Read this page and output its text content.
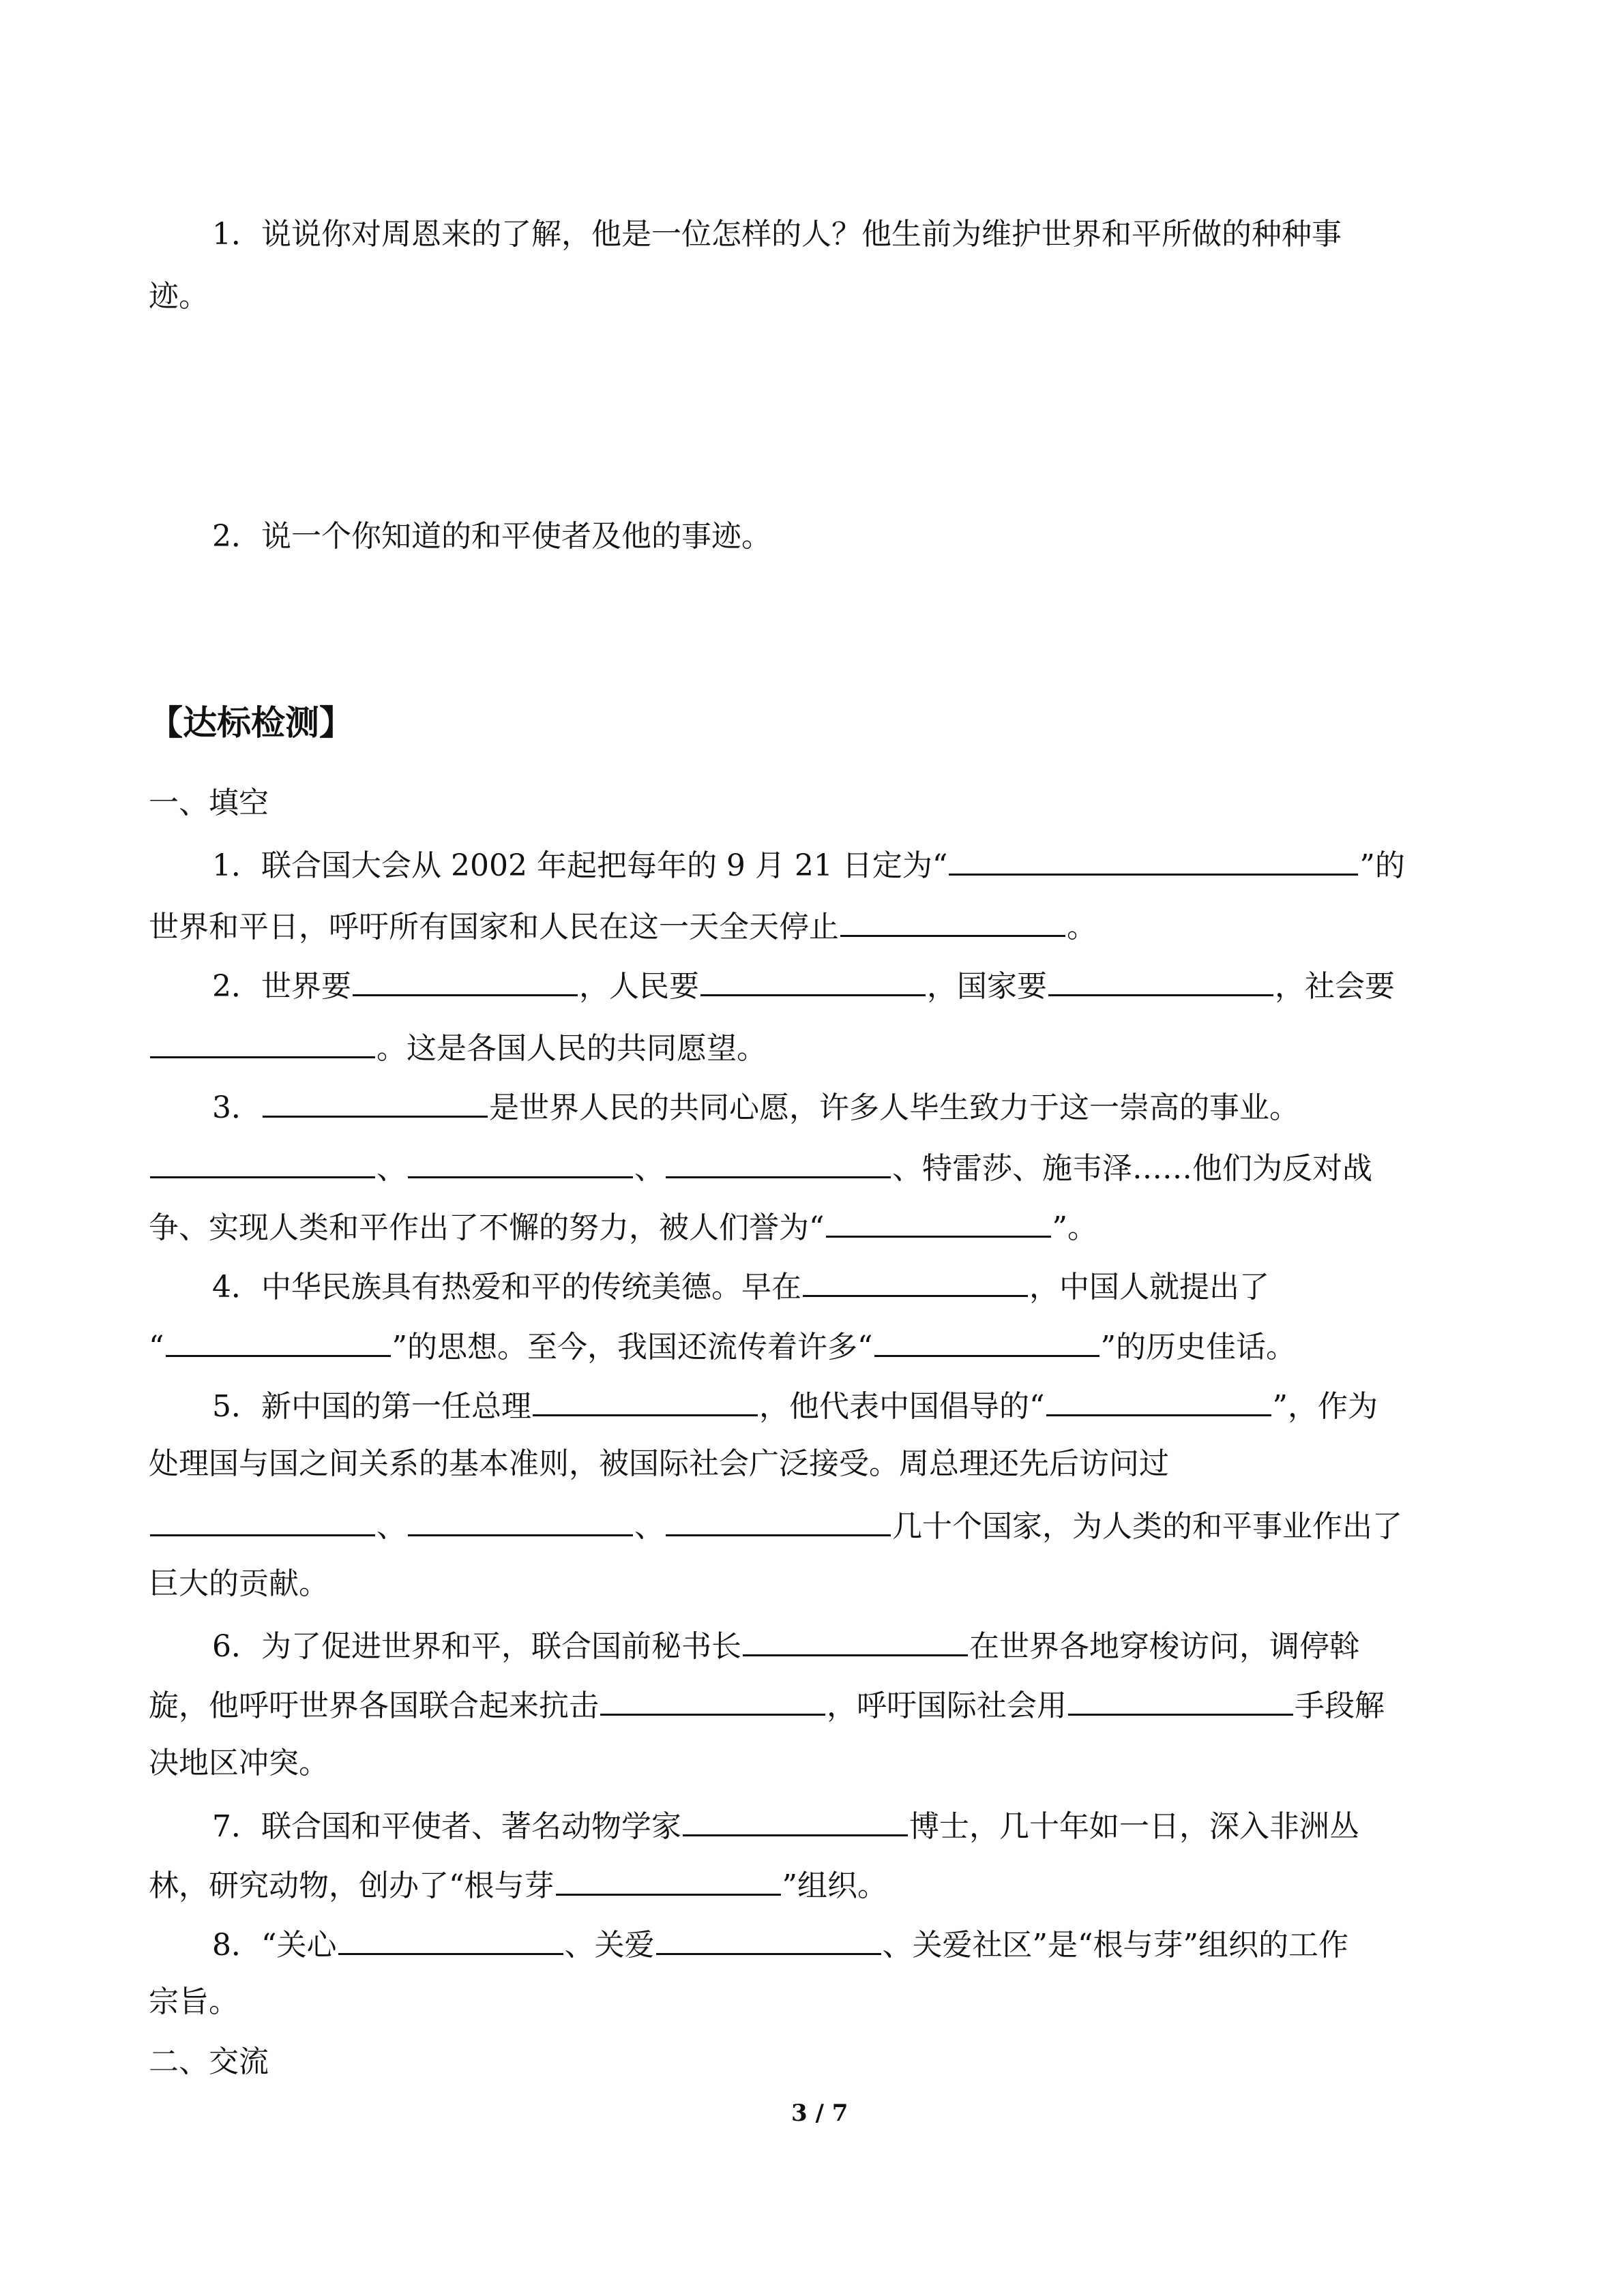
1．说说你对周恩来的了解，他是一位怎样的人？他生前为维护世界和平所做的种种事
迹。
2．说一个你知道的和平使者及他的事迹。
【达标检测】
一、填空
1．联合国大会从 2002 年起把每年的 9 月 21 日定为“	”的
世界和平日，呼吁所有国家和人民在这一天全天停止	。
2．世界要	，人民要	，国家要	，社会要
。这是各国人民的共同愿望。
3．	是世界人民的共同心愿，许多人毕生致力于这一崇高的事业。
、	、	、特雷莎、施韦泽……他们为反对战
争、实现人类和平作出了不懈的努力，被人们誉为“	”。
4．中华民族具有热爱和平的传统美德。早在	，中国人就提出了
“	”的思想。至今，我国还流传着许多“	”的历史佳话。
5．新中国的第一任总理	，他代表中国倡导的“	”，作为
处理国与国之间关系的基本准则，被国际社会广泛接受。周总理还先后访问过
、	、	几十个国家，为人类的和平事业作出了
巨大的贡献。
6．为了促进世界和平，联合国前秘书长	在世界各地穿梭访问，调停斡
旋，他呼吁世界各国联合起来抗击	，呼吁国际社会用	手段解
决地区冲突。
7．联合国和平使者、著名动物学家	博士，几十年如一日，深入非洲丛
林，研究动物，创办了“根与芽	”组织。
8．“关心	、关爱	、关爱社区”是“根与芽”组织的工作
宗旨。
二、交流
3 / 7
